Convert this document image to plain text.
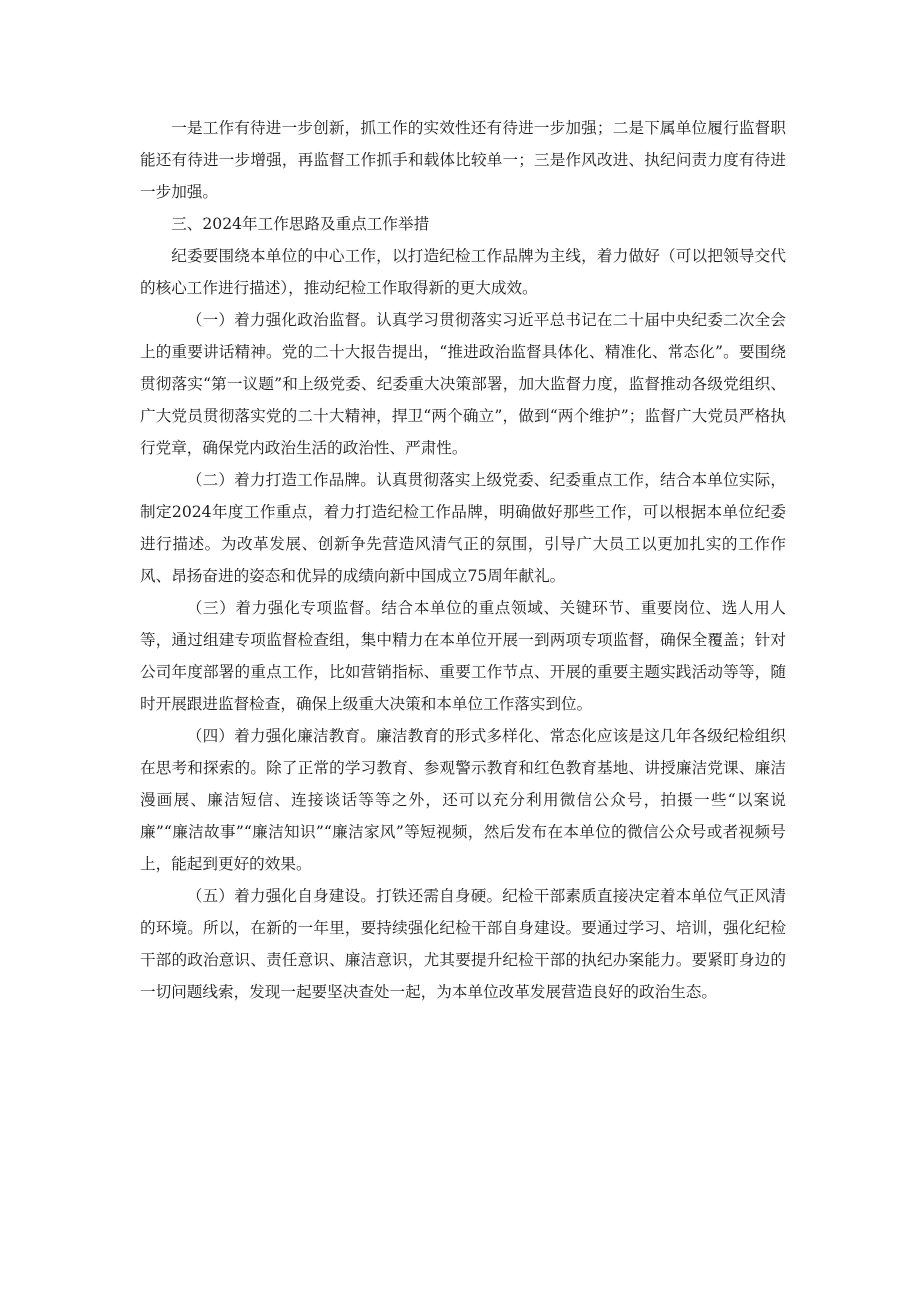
一是工作有待进一步创新，抓工作的实效性还有待进一步加强；二是下属单位履行监督职能还有待进一步增强，再监督工作抓手和载体比较单一；三是作风改进、执纪问责力度有待进一步加强。

三、2024年工作思路及重点工作举措

纪委要围绕本单位的中心工作，以打造纪检工作品牌为主线，着力做好（可以把领导交代的核心工作进行描述），推动纪检工作取得新的更大成效。

（一）着力强化政治监督。认真学习贯彻落实习近平总书记在二十届中央纪委二次全会上的重要讲话精神。党的二十大报告提出，“推进政治监督具体化、精准化、常态化”。要围绕贯彻落实“第一议题”和上级党委、纪委重大决策部署，加大监督力度，监督推动各级党组织、广大党员贯彻落实党的二十大精神，捍卫“两个确立”，做到“两个维护”；监督广大党员严格执行党章，确保党内政治生活的政治性、严肃性。

（二）着力打造工作品牌。认真贯彻落实上级党委、纪委重点工作，结合本单位实际，制定2024年度工作重点，着力打造纪检工作品牌，明确做好那些工作，可以根据本单位纪委进行描述。为改革发展、创新争先营造风清气正的氛围，引导广大员工以更加扎实的工作作风、昂扬奋进的姿态和优异的成绩向新中国成立75周年献礼。

（三）着力强化专项监督。结合本单位的重点领域、关键环节、重要岗位、选人用人等，通过组建专项监督检查组，集中精力在本单位开展一到两项专项监督，确保全覆盖；针对公司年度部署的重点工作，比如营销指标、重要工作节点、开展的重要主题实践活动等等，随时开展跟进监督检查，确保上级重大决策和本单位工作落实到位。

（四）着力强化廉洁教育。廉洁教育的形式多样化、常态化应该是这几年各级纪检组织在思考和探索的。除了正常的学习教育、参观警示教育和红色教育基地、讲授廉洁党课、廉洁漫画展、廉洁短信、连接谈话等等之外，还可以充分利用微信公众号，拍摄一些“以案说廉”“廉洁故事”“廉洁知识”“廉洁家风”等短视频，然后发布在本单位的微信公众号或者视频号上，能起到更好的效果。

（五）着力强化自身建设。打铁还需自身硬。纪检干部素质直接决定着本单位气正风清的环境。所以，在新的一年里，要持续强化纪检干部自身建设。要通过学习、培训，强化纪检干部的政治意识、责任意识、廉洁意识，尤其要提升纪检干部的执纪办案能力。要紧盯身边的一切问题线索，发现一起要坚决查处一起，为本单位改革发展营造良好的政治生态。
